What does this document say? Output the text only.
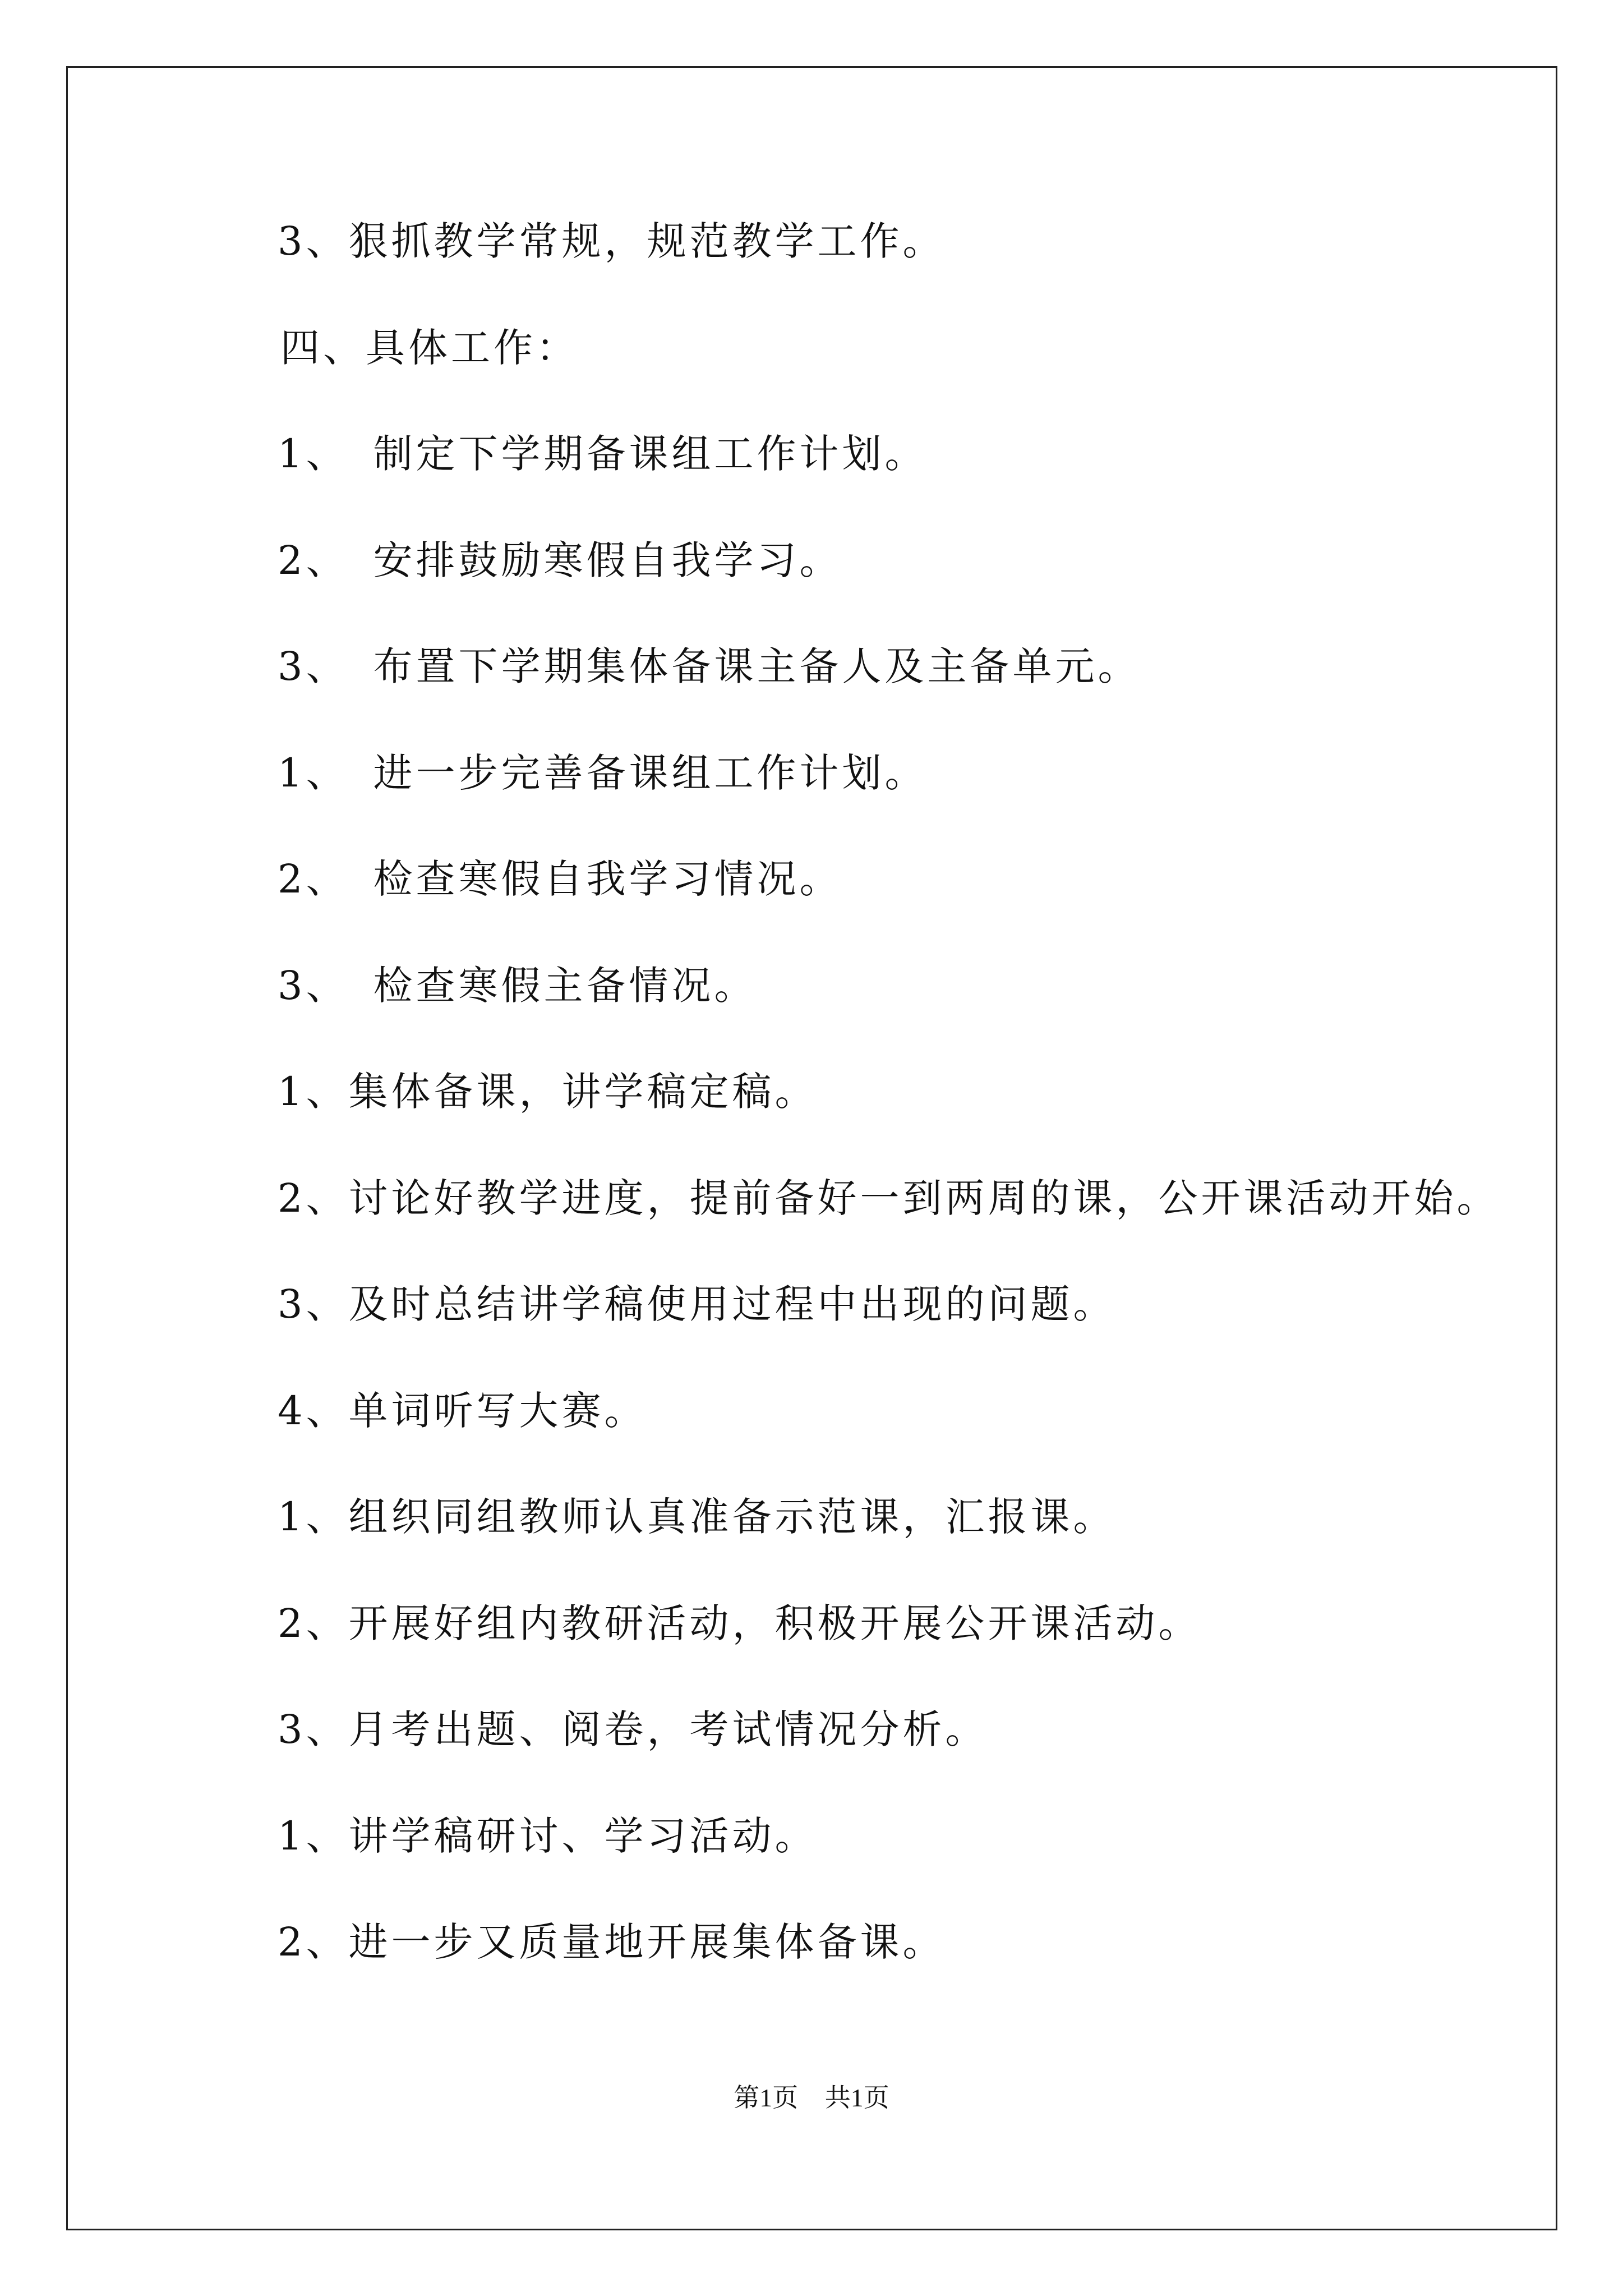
3、狠抓教学常规，规范教学工作。
四、具体工作：
1、 制定下学期备课组工作计划。
2、 安排鼓励寒假自我学习。
3、 布置下学期集体备课主备人及主备单元。
1、 进一步完善备课组工作计划。
2、 检查寒假自我学习情况。
3、 检查寒假主备情况。
1、集体备课，讲学稿定稿。
2、讨论好教学进度，提前备好一到两周的课，公开课活动开始。
3、及时总结讲学稿使用过程中出现的问题。
4、单词听写大赛。
1、组织同组教师认真准备示范课，汇报课。
2、开展好组内教研活动，积极开展公开课活动。
3、月考出题、阅卷，考试情况分析。
1、讲学稿研讨、学习活动。
2、进一步又质量地开展集体备课。
第1页 共1页
